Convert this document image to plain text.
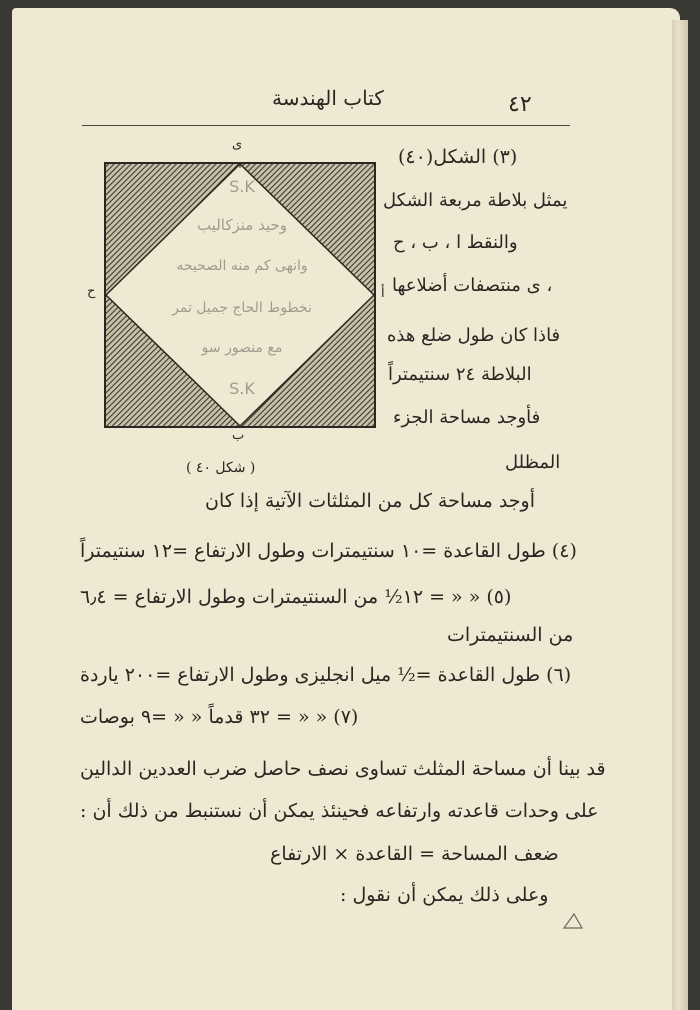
٤٢
كتاب الهندسة
ى
ح	أ
ب
S.K
وحيد منزكاليب
وانهى كم منه الصحيحه
نخطوط الحاج جميل تمر
مع منصور سو
S.K
( شكل ٤٠ )
(٣) الشكل(٤٠)
يمثل بلاطة مربعة الشكل
والنقط ا ، ب ، ح
، ى منتصفات أضلاعها
فاذا كان طول ضلع هذه
البلاطة ٢٤ سنتيمتراً
فأوجد مساحة الجزء
المظلل
أوجد مساحة كل من المثلثات الآتية إذا كان
(٤) طول القاعدة =١٠ سنتيمترات وطول الارتفاع =١٢ سنتيمتراً
(٥) « « = ١٢½ من السنتيمترات وطول الارتفاع = ٦٫٤
من السنتيمترات
(٦) طول القاعدة =½ ميل انجليزى وطول الارتفاع =٢٠٠ ياردة
(٧) « « = ٣٢ قدماً « « =٩ بوصات
قد بينا أن مساحة المثلث تساوى نصف حاصل ضرب العددين الدالين
على وحدات قاعدته وارتفاعه فحينئذ يمكن أن نستنبط من ذلك أن :
ضعف المساحة = القاعدة × الارتفاع
وعلى ذلك يمكن أن نقول :
